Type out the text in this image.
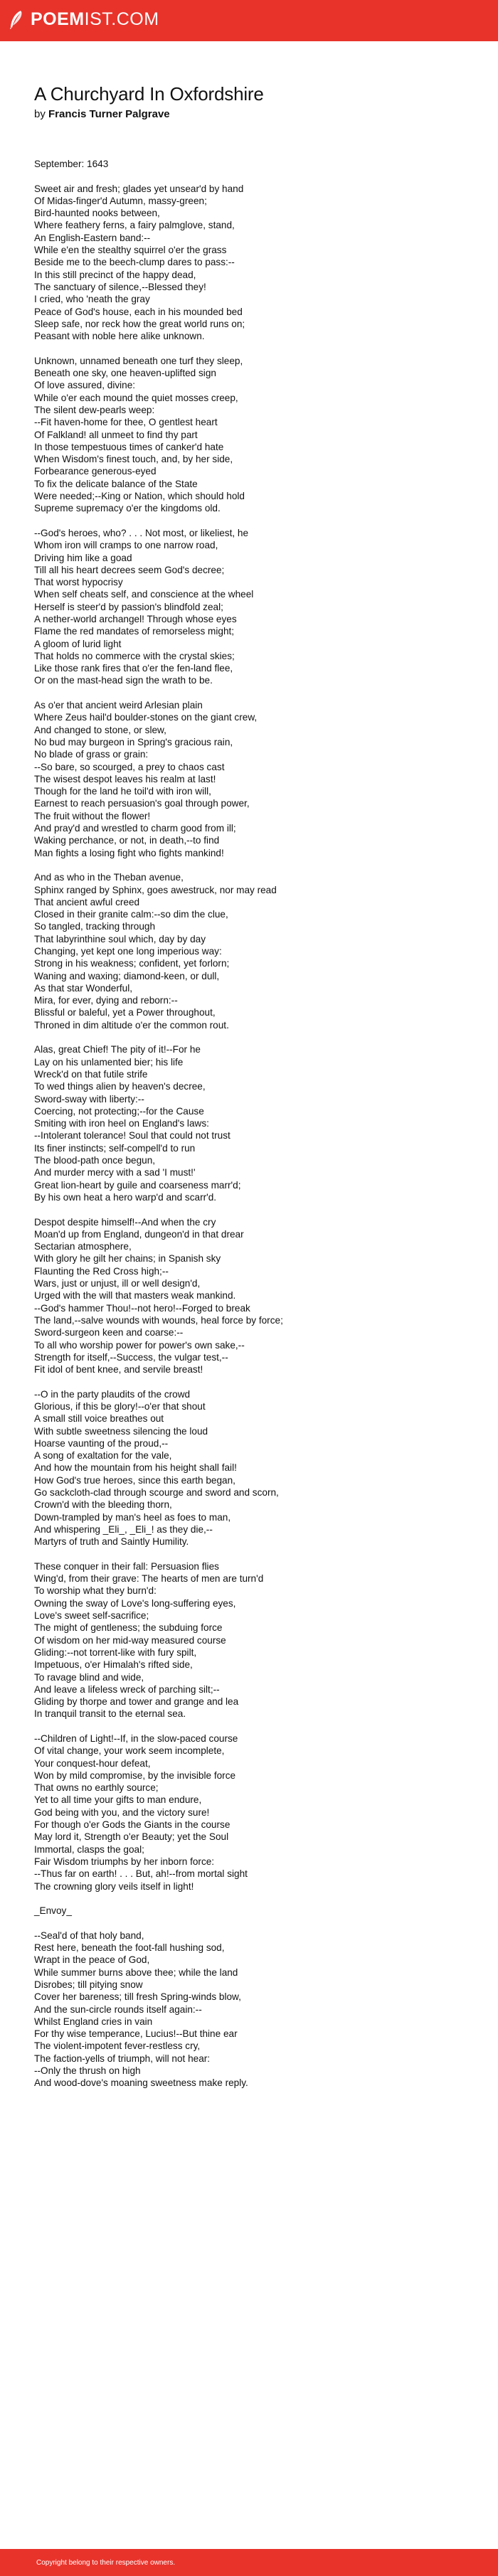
POEM IST.COM
A Churchyard In Oxfordshire
by Francis Turner Palgrave
September: 1643
Sweet air and fresh; glades yet unsear'd by hand
Of Midas-finger'd Autumn, massy-green;
Bird-haunted nooks between,
Where feathery ferns, a fairy palmglove, stand,
An English-Eastern band:--
While e'en the stealthy squirrel o'er the grass
Beside me to the beech-clump dares to pass:--
In this still precinct of the happy dead,
The sanctuary of silence,--Blessed they!
I cried, who 'neath the gray
Peace of God's house, each in his mounded bed
Sleep safe, nor reck how the great world runs on;
Peasant with noble here alike unknown.
Unknown, unnamed beneath one turf they sleep,
Beneath one sky, one heaven-uplifted sign
Of love assured, divine:
While o'er each mound the quiet mosses creep,
The silent dew-pearls weep:
--Fit haven-home for thee, O gentlest heart
Of Falkland! all unmeet to find thy part
In those tempestuous times of canker'd hate
When Wisdom's finest touch, and, by her side,
Forbearance generous-eyed
To fix the delicate balance of the State
Were needed;--King or Nation, which should hold
Supreme supremacy o'er the kingdoms old.
--God's heroes, who? . . . Not most, or likeliest, he
Whom iron will cramps to one narrow road,
Driving him like a goad
Till all his heart decrees seem God's decree;
That worst hypocrisy
When self cheats self, and conscience at the wheel
Herself is steer'd by passion's blindfold zeal;
A nether-world archangel! Through whose eyes
Flame the red mandates of remorseless might;
A gloom of lurid light
That holds no commerce with the crystal skies;
Like those rank fires that o'er the fen-land flee,
Or on the mast-head sign the wrath to be.
As o'er that ancient weird Arlesian plain
Where Zeus hail'd boulder-stones on the giant crew,
And changed to stone, or slew,
No bud may burgeon in Spring's gracious rain,
No blade of grass or grain:
--So bare, so scourged, a prey to chaos cast
The wisest despot leaves his realm at last!
Though for the land he toil'd with iron will,
Earnest to reach persuasion's goal through power,
The fruit without the flower!
And pray'd and wrestled to charm good from ill;
Waking perchance, or not, in death,--to find
Man fights a losing fight who fights mankind!
And as who in the Theban avenue,
Sphinx ranged by Sphinx, goes awestruck, nor may read
That ancient awful creed
Closed in their granite calm:--so dim the clue,
So tangled, tracking through
That labyrinthine soul which, day by day
Changing, yet kept one long imperious way:
Strong in his weakness; confident, yet forlorn;
Waning and waxing; diamond-keen, or dull,
As that star Wonderful,
Mira, for ever, dying and reborn:--
Blissful or baleful, yet a Power throughout,
Throned in dim altitude o'er the common rout.
Alas, great Chief! The pity of it!--For he
Lay on his unlamented bier; his life
Wreck'd on that futile strife
To wed things alien by heaven's decree,
Sword-sway with liberty:--
Coercing, not protecting;--for the Cause
Smiting with iron heel on England's laws:
--Intolerant tolerance! Soul that could not trust
Its finer instincts; self-compell'd to run
The blood-path once begun,
And murder mercy with a sad 'I must!'
Great lion-heart by guile and coarseness marr'd;
By his own heat a hero warp'd and scarr'd.
Despot despite himself!--And when the cry
Moan'd up from England, dungeon'd in that drear
Sectarian atmosphere,
With glory he gilt her chains; in Spanish sky
Flaunting the Red Cross high;--
Wars, just or unjust, ill or well design'd,
Urged with the will that masters weak mankind.
--God's hammer Thou!--not hero!--Forged to break
The land,--salve wounds with wounds, heal force by force;
Sword-surgeon keen and coarse:--
To all who worship power for power's own sake,--
Strength for itself,--Success, the vulgar test,--
Fit idol of bent knee, and servile breast!
--O in the party plaudits of the crowd
Glorious, if this be glory!--o'er that shout
A small still voice breathes out
With subtle sweetness silencing the loud
Hoarse vaunting of the proud,--
A song of exaltation for the vale,
And how the mountain from his height shall fail!
How God's true heroes, since this earth began,
Go sackcloth-clad through scourge and sword and scorn,
Crown'd with the bleeding thorn,
Down-trampled by man's heel as foes to man,
And whispering _Eli_, _Eli_! as they die,--
Martyrs of truth and Saintly Humility.
These conquer in their fall: Persuasion flies
Wing'd, from their grave: The hearts of men are turn'd
To worship what they burn'd:
Owning the sway of Love's long-suffering eyes,
Love's sweet self-sacrifice;
The might of gentleness; the subduing force
Of wisdom on her mid-way measured course
Gliding:--not torrent-like with fury spilt,
Impetuous, o'er Himalah's rifted side,
To ravage blind and wide,
And leave a lifeless wreck of parching silt;--
Gliding by thorpe and tower and grange and lea
In tranquil transit to the eternal sea.
--Children of Light!--If, in the slow-paced course
Of vital change, your work seem incomplete,
Your conquest-hour defeat,
Won by mild compromise, by the invisible force
That owns no earthly source;
Yet to all time your gifts to man endure,
God being with you, and the victory sure!
For though o'er Gods the Giants in the course
May lord it, Strength o'er Beauty; yet the Soul
Immortal, clasps the goal;
Fair Wisdom triumphs by her inborn force:
--Thus far on earth! . . . But, ah!--from mortal sight
The crowning glory veils itself in light!
_Envoy_
--Seal'd of that holy band,
Rest here, beneath the foot-fall hushing sod,
Wrapt in the peace of God,
While summer burns above thee; while the land
Disrobes; till pitying snow
Cover her bareness; till fresh Spring-winds blow,
And the sun-circle rounds itself again:--
Whilst England cries in vain
For thy wise temperance, Lucius!--But thine ear
The violent-impotent fever-restless cry,
The faction-yells of triumph, will not hear:
--Only the thrush on high
And wood-dove's moaning sweetness make reply.
Copyright belong to their respective owners.
